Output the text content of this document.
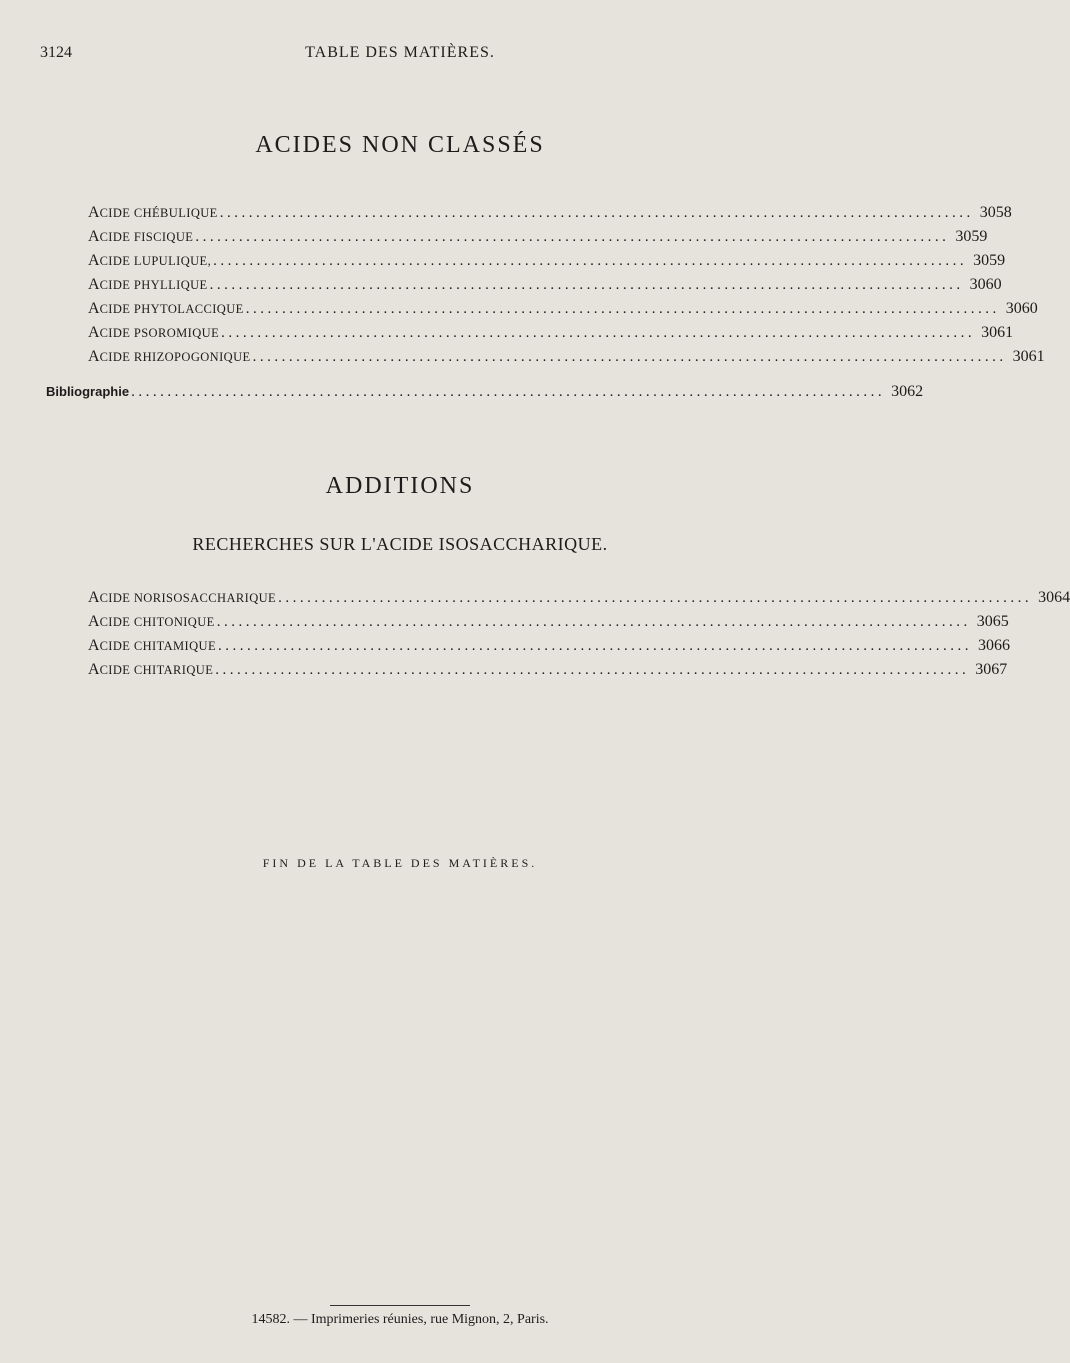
3124	TABLE DES MATIÈRES.
ACIDES NON CLASSÉS
ACIDE CHÉBULIQUE ........................................................................................................ 3058
ACIDE FISCIQUE ........................................................................................................ 3059
ACIDE LUPULIQUE, ........................................................................................................ 3059
ACIDE PHYLLIQUE ........................................................................................................ 3060
ACIDE PHYTOLACCIQUE ........................................................................................................ 3060
ACIDE PSOROMIQUE ........................................................................................................ 3061
ACIDE RHIZOPOGONIQUE ........................................................................................................ 3061
Bibliographie ........................................................................................................ 3062
ADDITIONS
RECHERCHES SUR L'ACIDE ISOSACCHARIQUE.
ACIDE NORISOSACCHARIQUE ........................................................................................................ 3064
ACIDE CHITONIQUE ........................................................................................................ 3065
ACIDE CHITAMIQUE ........................................................................................................ 3066
ACIDE CHITARIQUE ........................................................................................................ 3067
FIN DE LA TABLE DES MATIÈRES.
14582. — Imprimeries réunies, rue Mignon, 2, Paris.
